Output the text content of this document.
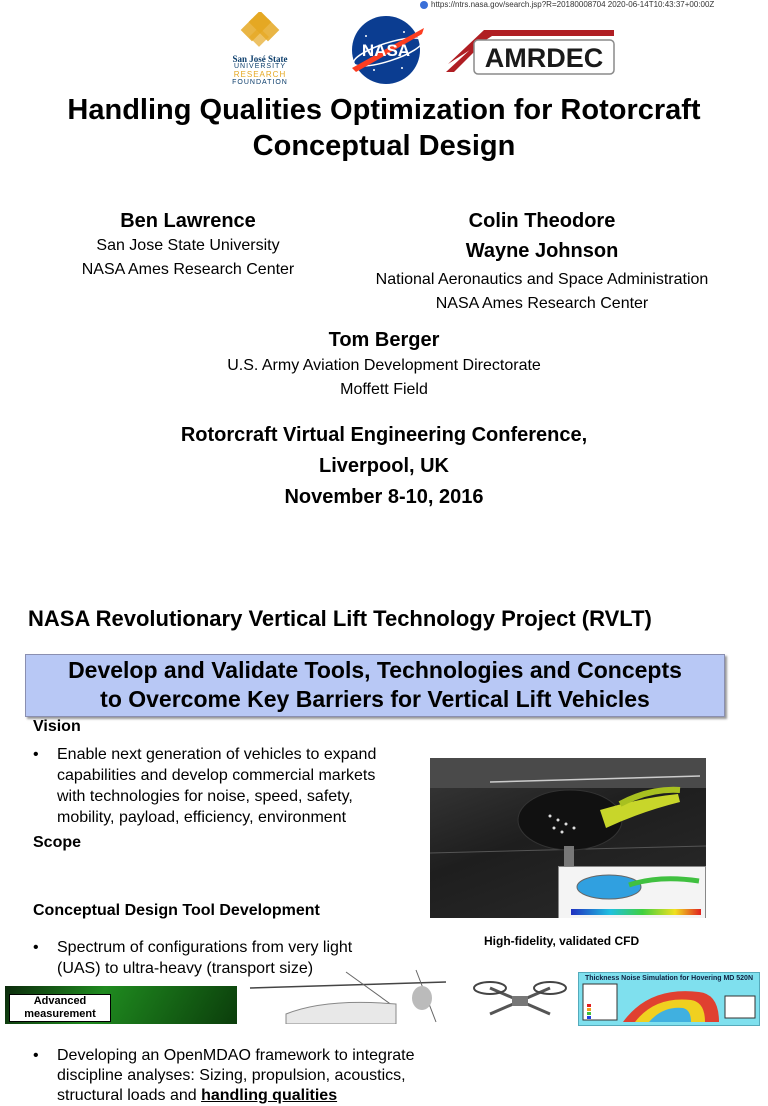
https://ntrs.nasa.gov/search.jsp?R=20180008704 2020-06-14T10:43:37+00:00Z
San José State
UNIVERSITY
RESEARCH
FOUNDATION
NASA	AMRDEC
Handling Qualities Optimization for Rotorcraft
Conceptual Design
Ben Lawrence
San Jose State University
NASA Ames Research Center
Colin Theodore
Wayne Johnson
National Aeronautics and Space Administration
NASA Ames Research Center
Tom Berger
U.S. Army Aviation Development Directorate
Moffett Field
Rotorcraft Virtual Engineering Conference,
Liverpool, UK
November 8-10, 2016
NASA Revolutionary Vertical Lift Technology Project (RVLT)
Develop and Validate Tools, Technologies and Concepts
to Overcome Key Barriers for Vertical Lift Vehicles
Vision
• Enable next generation of vehicles to expand
capabilities and develop commercial markets
with technologies for noise, speed, safety,
mobility, payload, efficiency, environment
Scope
• Spectrum of configurations from very light
(UAS) to ultra-heavy (transport size)
Conceptual Design Tool Development
• Developing an OpenMDAO framework to integrate
discipline analyses: Sizing, propulsion, acoustics,
structural loads and handling qualities
High-fidelity, validated CFD
Advanced
measurement
Thickness Noise Simulation for Hovering MD 520N
